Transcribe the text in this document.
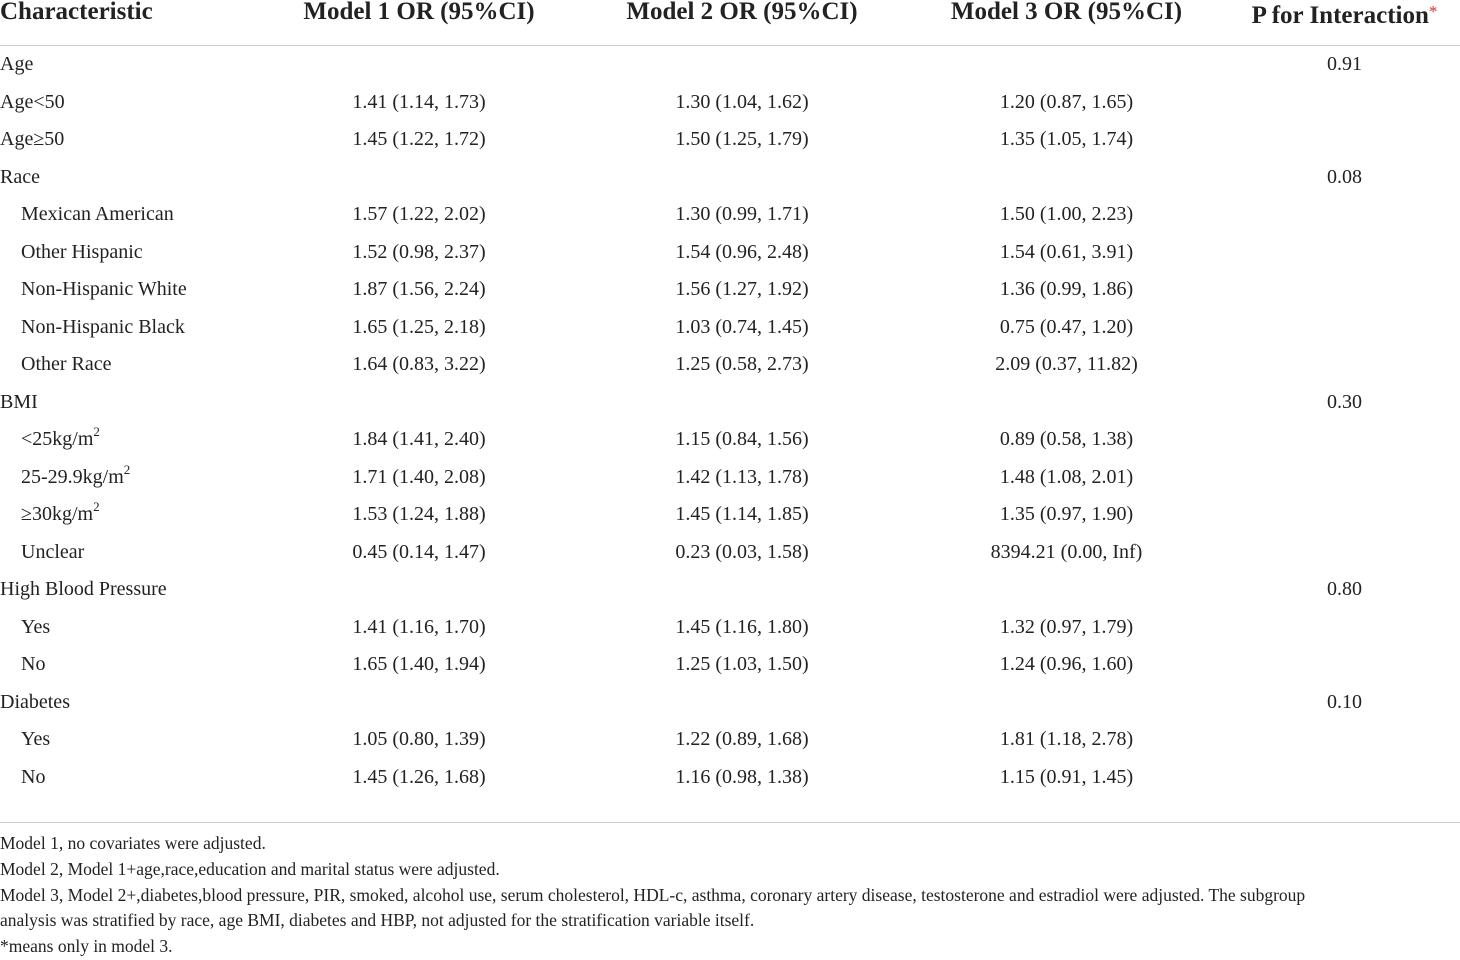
Characteristic	Model 1 OR (95%CI)	Model 2 OR (95%CI)	Model 3 OR (95%CI)	P for Interaction*
Age				0.91
Age<50	1.41 (1.14, 1.73)	1.30 (1.04, 1.62)	1.20 (0.87, 1.65)	
Age≥50	1.45 (1.22, 1.72)	1.50 (1.25, 1.79)	1.35 (1.05, 1.74)	
Race				0.08
Mexican American	1.57 (1.22, 2.02)	1.30 (0.99, 1.71)	1.50 (1.00, 2.23)	
Other Hispanic	1.52 (0.98, 2.37)	1.54 (0.96, 2.48)	1.54 (0.61, 3.91)	
Non-Hispanic White	1.87 (1.56, 2.24)	1.56 (1.27, 1.92)	1.36 (0.99, 1.86)	
Non-Hispanic Black	1.65 (1.25, 2.18)	1.03 (0.74, 1.45)	0.75 (0.47, 1.20)	
Other Race	1.64 (0.83, 3.22)	1.25 (0.58, 2.73)	2.09 (0.37, 11.82)	
BMI				0.30
$<25kg/m^2$	1.84 (1.41, 2.40)	1.15 (0.84, 1.56)	0.89 (0.58, 1.38)	
$25-29.9kg/m^2$	1.71 (1.40, 2.08)	1.42 (1.13, 1.78)	1.48 (1.08, 2.01)	
$\ge 30kg/m^2$	1.53 (1.24, 1.88)	1.45 (1.14, 1.85)	1.35 (0.97, 1.90)	
Unclear	0.45 (0.14, 1.47)	0.23 (0.03, 1.58)	8394.21 (0.00, Inf)	
High Blood Pressure				0.80
Yes	1.41 (1.16, 1.70)	1.45 (1.16, 1.80)	1.32 (0.97, 1.79)	
No	1.65 (1.40, 1.94)	1.25 (1.03, 1.50)	1.24 (0.96, 1.60)	
Diabetes				0.10
Yes	1.05 (0.80, 1.39)	1.22 (0.89, 1.68)	1.81 (1.18, 2.78)	
No	1.45 (1.26, 1.68)	1.16 (0.98, 1.38)	1.15 (0.91, 1.45)	

Model 1, no covariates were adjusted.
Model 2, Model 1+age,race,education and marital status were adjusted.
Model 3, Model 2+,diabetes,blood pressure, PIR, smoked, alcohol use, serum cholesterol, HDL-c, asthma, coronary artery disease, testosterone and estradiol were adjusted. The subgroup
analysis was stratified by race, age BMI, diabetes and HBP, not adjusted for the stratification variable itself.
*means only in model 3.
